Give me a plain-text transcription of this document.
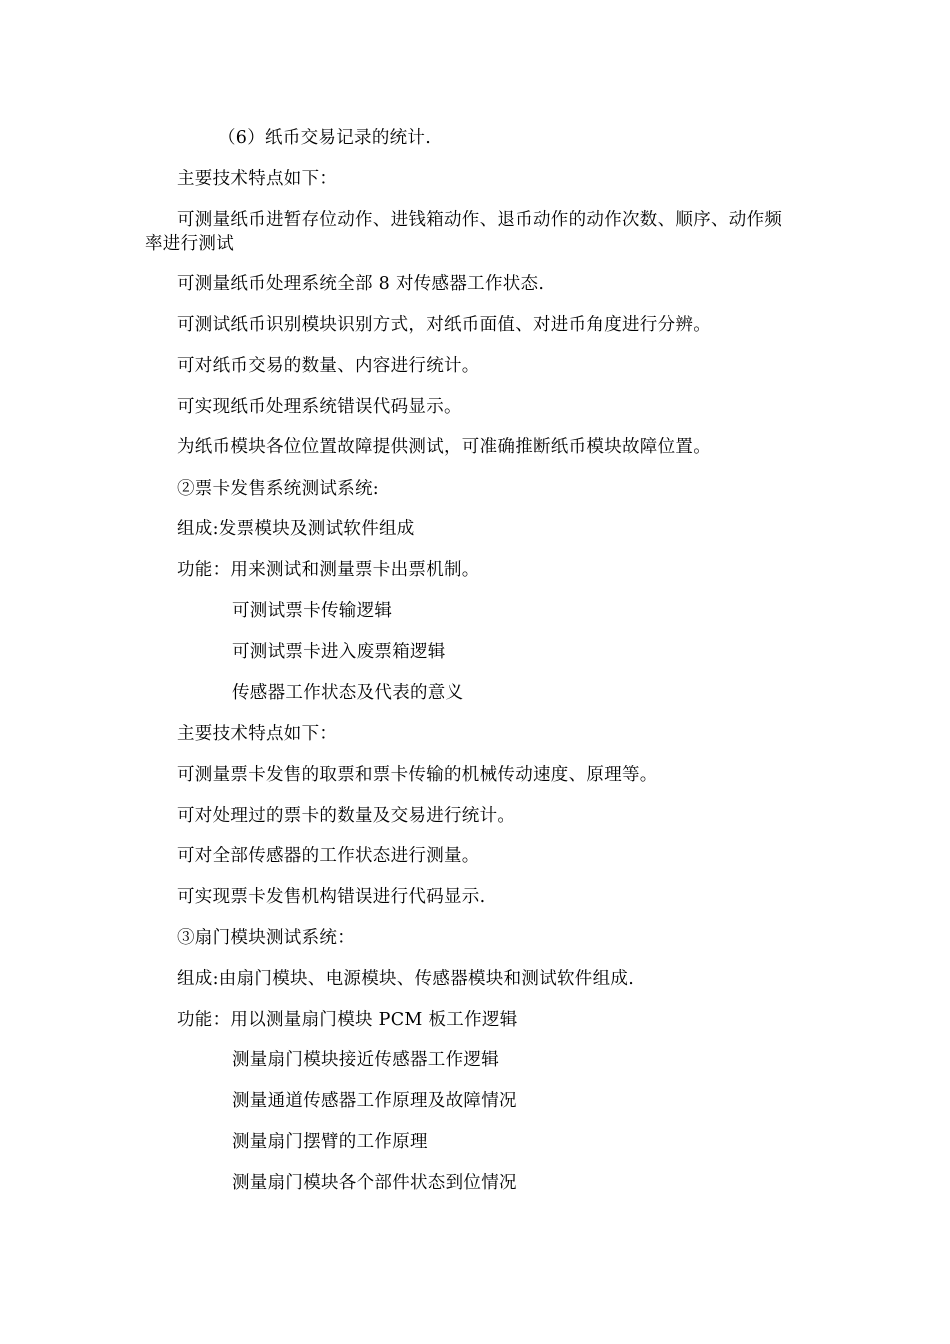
（6）纸币交易记录的统计.

主要技术特点如下：

可测量纸币进暂存位动作、进钱箱动作、退币动作的动作次数、顺序、动作频

率进行测试

可测量纸币处理系统全部 8 对传感器工作状态.

可测试纸币识别模块识别方式，对纸币面值、对进币角度进行分辨。

可对纸币交易的数量、内容进行统计。

可实现纸币处理系统错误代码显示。

为纸币模块各位位置故障提供测试，可准确推断纸币模块故障位置。

②票卡发售系统测试系统:

组成:发票模块及测试软件组成

功能：用来测试和测量票卡出票机制。

可测试票卡传输逻辑

可测试票卡进入废票箱逻辑

传感器工作状态及代表的意义

主要技术特点如下：

可测量票卡发售的取票和票卡传输的机械传动速度、原理等。

可对处理过的票卡的数量及交易进行统计。

可对全部传感器的工作状态进行测量。

可实现票卡发售机构错误进行代码显示.

③扇门模块测试系统：

组成:由扇门模块、电源模块、传感器模块和测试软件组成.

功能：用以测量扇门模块 PCM 板工作逻辑

测量扇门模块接近传感器工作逻辑

测量通道传感器工作原理及故障情况

测量扇门摆臂的工作原理

测量扇门模块各个部件状态到位情况
